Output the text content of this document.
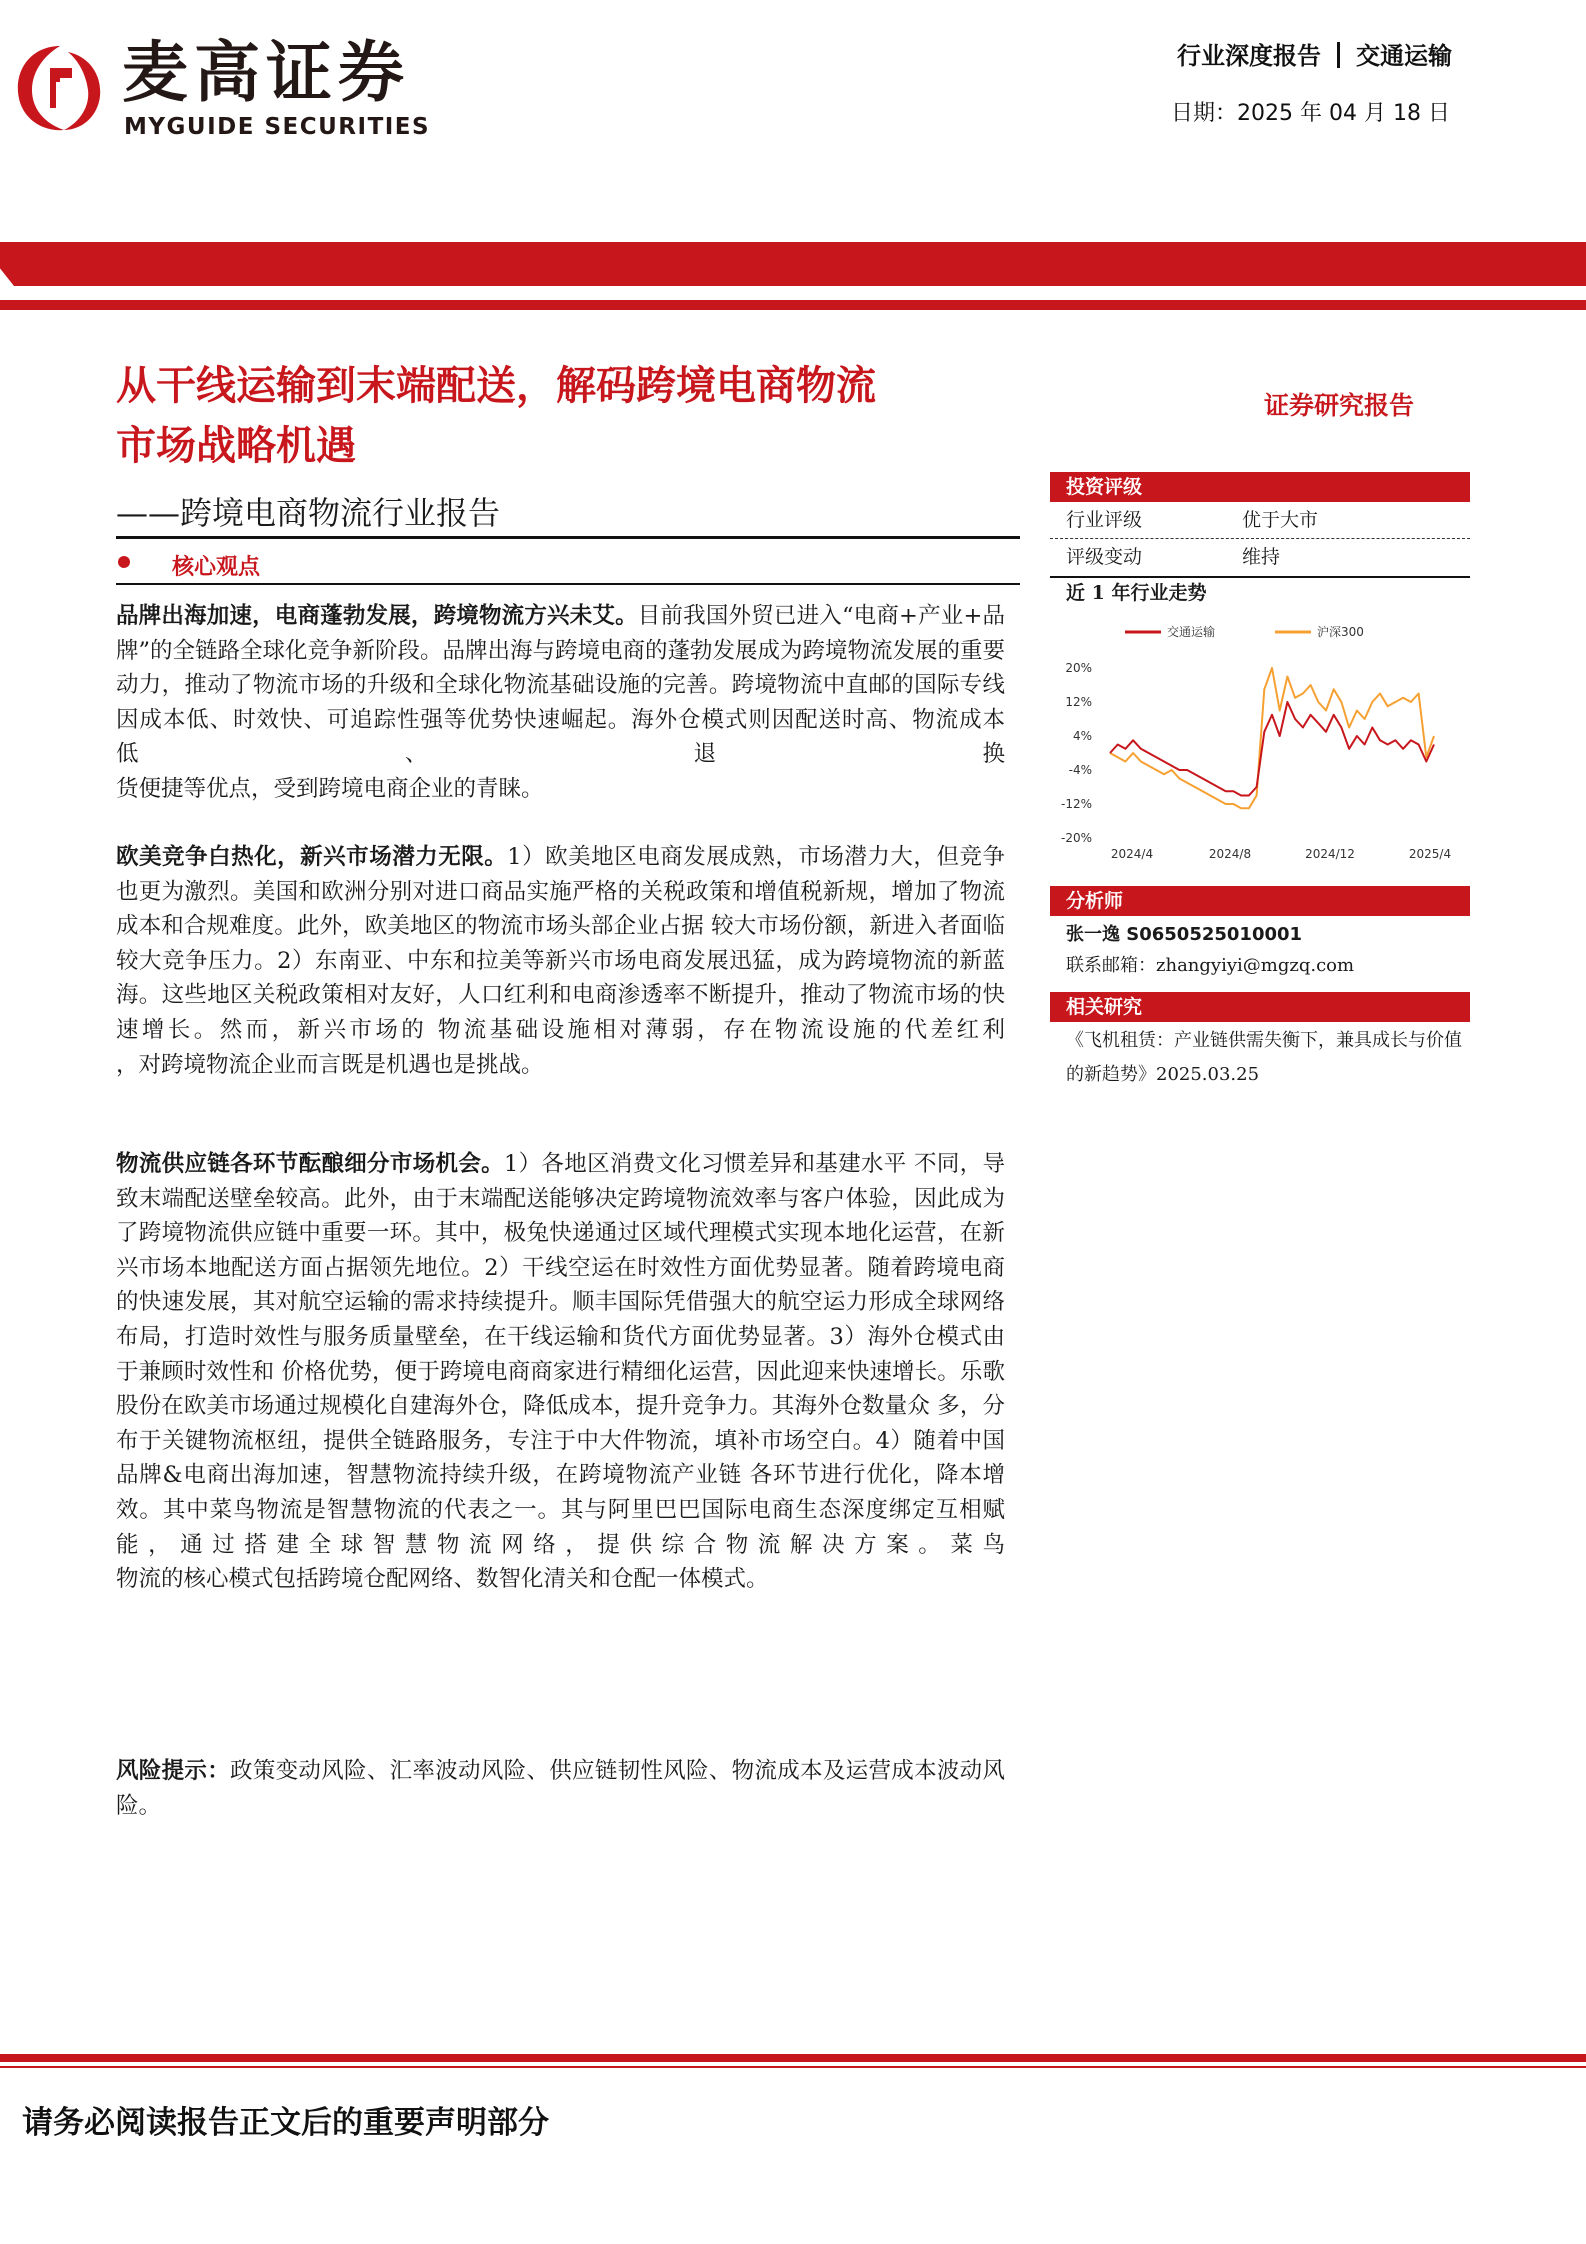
麦高证券
MYGUIDE SECURITIES
行业深度报告 交通运输
日期：2025 年 04 月 18 日
从干线运输到末端配送，解码跨境电商物流
市场战略机遇
——跨境电商物流行业报告
证券研究报告
核心观点
品牌出海加速，电商蓬勃发展，跨境物流方兴未艾。目前我国外贸已进入“电商+产业+品牌”的全链路全球化竞争新阶段。品牌出海与跨境电商的蓬勃发展成为跨境物流发展的重要动力，推动了物流市场的升级和全球化物流基础设施的完善。跨境物流中直邮的国际专线因成本低、时效快、可追踪性强等优势快速崛起。海外仓模式则因配送时高、物流成本低、退换
货便捷等优点，受到跨境电商企业的青睐。
欧美竞争白热化，新兴市场潜力无限。1）欧美地区电商发展成熟，市场潜力大，但竞争也更为激烈。美国和欧洲分别对进口商品实施严格的关税政策和增值税新规，增加了物流成本和合规难度。此外，欧美地区的物流市场头部企业占据 较大市场份额，新进入者面临较大竞争压力。2）东南亚、中东和拉美等新兴市场电商发展迅猛，成为跨境物流的新蓝海。这些地区关税政策相对友好，人口红利和电商渗透率不断提升，推动了物流市场的快速增长。然而，新兴市场的 物流基础设施相对薄弱，存在物流设施的代差红利
，对跨境物流企业而言既是机遇也是挑战。
物流供应链各环节酝酿细分市场机会。1）各地区消费文化习惯差异和基建水平 不同，导致末端配送壁垒较高。此外，由于末端配送能够决定跨境物流效率与客户体验，因此成为了跨境物流供应链中重要一环。其中，极兔快递通过区域代理模式实现本地化运营，在新兴市场本地配送方面占据领先地位。2）干线空运在时效性方面优势显著。随着跨境电商的快速发展，其对航空运输的需求持续提升。顺丰国际凭借强大的航空运力形成全球网络布局，打造时效性与服务质量壁垒，在干线运输和货代方面优势显著。3）海外仓模式由于兼顾时效性和 价格优势，便于跨境电商商家进行精细化运营，因此迎来快速增长。乐歌股份在欧美市场通过规模化自建海外仓，降低成本，提升竞争力。其海外仓数量众 多，分布于关键物流枢纽，提供全链路服务，专注于中大件物流，填补市场空白。4）随着中国品牌&电商出海加速，智慧物流持续升级，在跨境物流产业链 各环节进行优化，降本增效。其中菜鸟物流是智慧物流的代表之一。其与阿里巴巴国际电商生态深度绑定互相赋能，通过搭建全球智慧物流网络，提供综合物流解决方案。菜鸟
物流的核心模式包括跨境仓配网络、数智化清关和仓配一体模式。
风险提示：政策变动风险、汇率波动风险、供应链韧性风险、物流成本及运营成本波动风险。
投资评级
行业评级	优于大市
评级变动	维持
近 1 年行业走势
20%
12%
4%
-4%
-12%
-20%
2024/4	2024/8	2024/12	2025/4
交通运输	沪深300
分析师
张一逸 S0650525010001
联系邮箱：zhangyiyi@mgzq.com
相关研究
《飞机租赁：产业链供需失衡下，兼具成长与价值的新趋势》2025.03.25
请务必阅读报告正文后的重要声明部分
